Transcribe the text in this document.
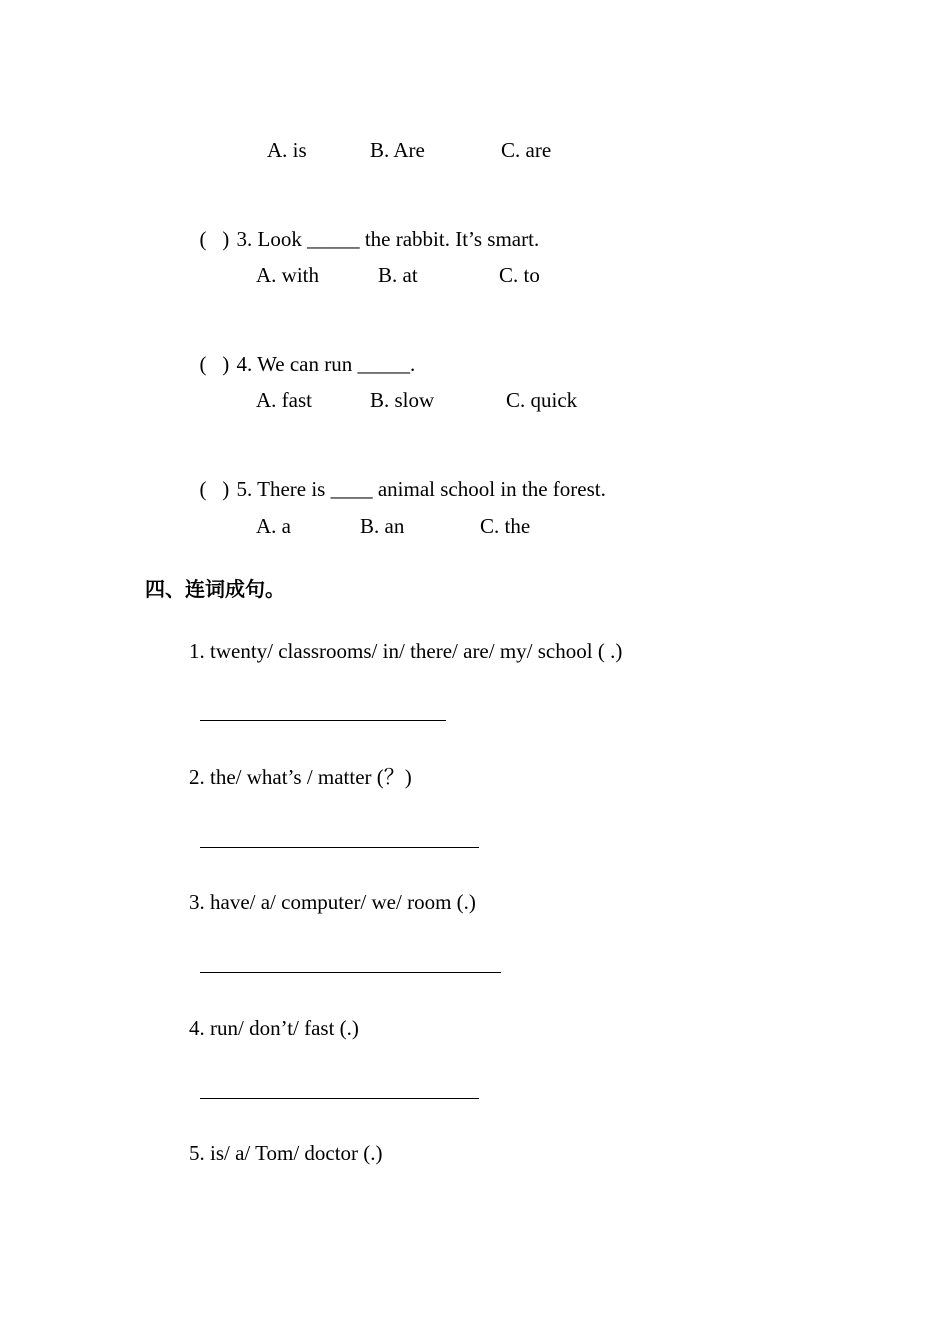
A. is	B. Are	C. are

(   ) 3. Look _____ the rabbit. It’s smart.

A. with	B. at	C. to

(   ) 4. We can run _____.

A. fast	B. slow	C. quick

(   ) 5. There is ____ animal school in the forest.

A. a	B. an	C. the
四、连词成句。
1. twenty/ classrooms/ in/ there/ are/ my/ school ( .)
2. the/ what’s / matter (？)
3. have/ a/ computer/ we/ room (.)
4. run/ don’t/ fast (.)
5. is/ a/ Tom/ doctor (.)
